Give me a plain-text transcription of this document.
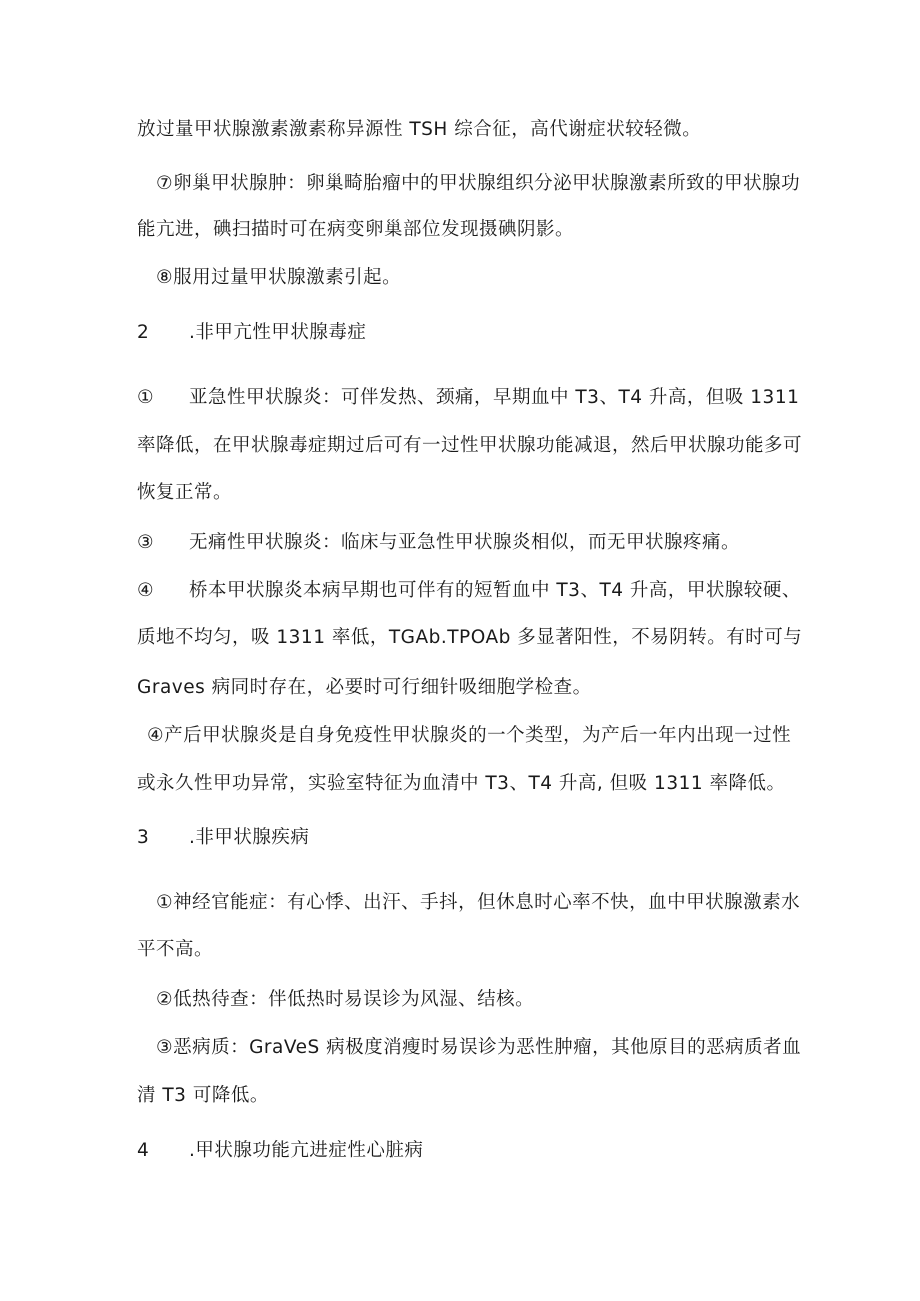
放过量甲状腺激素激素称异源性 TSH 综合征，高代谢症状较轻微。
⑦卵巢甲状腺肿：卵巢畸胎瘤中的甲状腺组织分泌甲状腺激素所致的甲状腺功
能亢进，碘扫描时可在病变卵巢部位发现摄碘阴影。
⑧服用过量甲状腺激素引起。
2 .非甲亢性甲状腺毒症
① 亚急性甲状腺炎：可伴发热、颈痛，早期血中 T3、T4 升高，但吸 1311
率降低，在甲状腺毒症期过后可有一过性甲状腺功能减退，然后甲状腺功能多可
恢复正常。
③ 无痛性甲状腺炎：临床与亚急性甲状腺炎相似，而无甲状腺疼痛。
④ 桥本甲状腺炎本病早期也可伴有的短暂血中 T3、T4 升高，甲状腺较硬、
质地不均匀，吸 1311 率低，TGAb.TPOAb 多显著阳性，不易阴转。有时可与
Graves 病同时存在，必要时可行细针吸细胞学检查。
④产后甲状腺炎是自身免疫性甲状腺炎的一个类型，为产后一年内出现一过性
或永久性甲功异常，实验室特征为血清中 T3、T4 升高, 但吸 1311 率降低。
3 .非甲状腺疾病
①神经官能症：有心悸、出汗、手抖，但休息时心率不快，血中甲状腺激素水
平不高。
②低热待查：伴低热时易误诊为风湿、结核。
③恶病质：GraVeS 病极度消瘦时易误诊为恶性肿瘤，其他原目的恶病质者血
清 T3 可降低。
4 .甲状腺功能亢进症性心脏病
